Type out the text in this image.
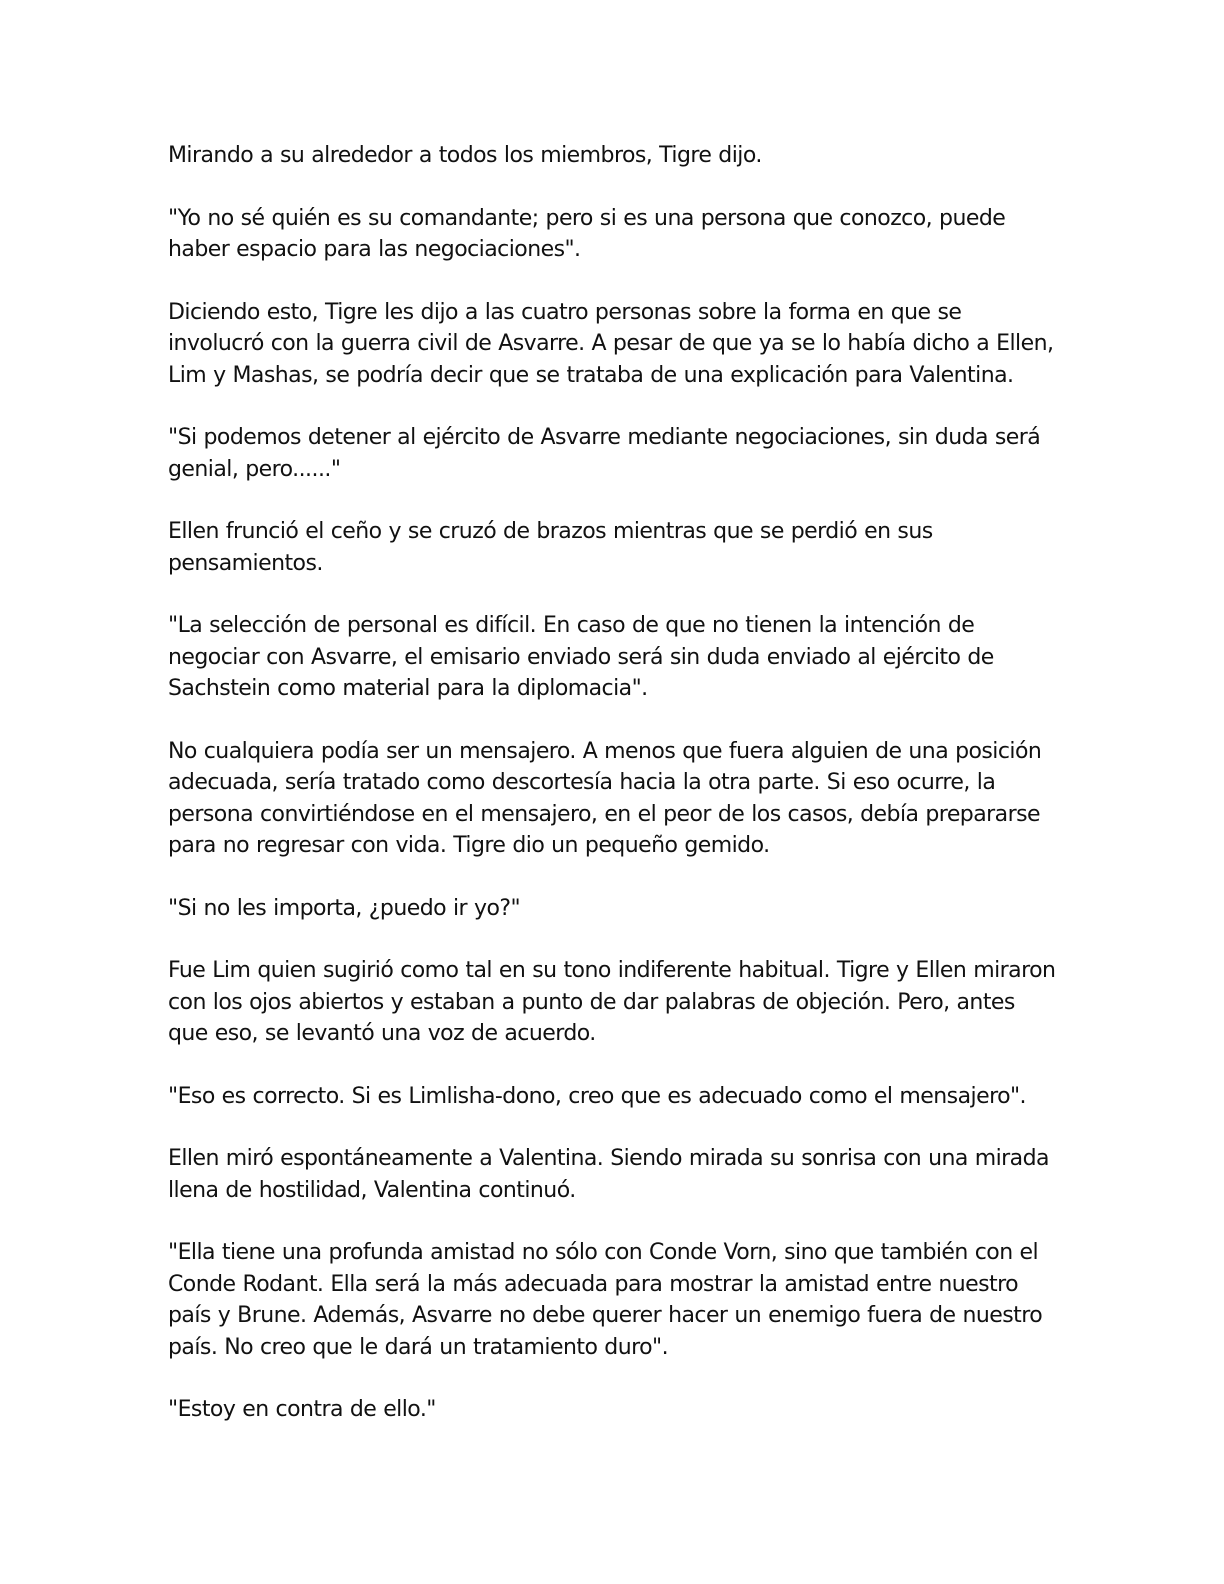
Mirando a su alrededor a todos los miembros, Tigre dijo.

"Yo no sé quién es su comandante; pero si es una persona que conozco, puede haber espacio para las negociaciones".

Diciendo esto, Tigre les dijo a las cuatro personas sobre la forma en que se involucró con la guerra civil de Asvarre. A pesar de que ya se lo había dicho a Ellen, Lim y Mashas, se podría decir que se trataba de una explicación para Valentina.

"Si podemos detener al ejército de Asvarre mediante negociaciones, sin duda será genial, pero......"

Ellen frunció el ceño y se cruzó de brazos mientras que se perdió en sus pensamientos.

"La selección de personal es difícil. En caso de que no tienen la intención de negociar con Asvarre, el emisario enviado será sin duda enviado al ejército de Sachstein como material para la diplomacia".

No cualquiera podía ser un mensajero. A menos que fuera alguien de una posición adecuada, sería tratado como descortesía hacia la otra parte. Si eso ocurre, la persona convirtiéndose en el mensajero, en el peor de los casos, debía prepararse para no regresar con vida. Tigre dio un pequeño gemido.

"Si no les importa, ¿puedo ir yo?"

Fue Lim quien sugirió como tal en su tono indiferente habitual. Tigre y Ellen miraron con los ojos abiertos y estaban a punto de dar palabras de objeción. Pero, antes que eso, se levantó una voz de acuerdo.

"Eso es correcto. Si es Limlisha-dono, creo que es adecuado como el mensajero".

Ellen miró espontáneamente a Valentina. Siendo mirada su sonrisa con una mirada llena de hostilidad, Valentina continuó.

"Ella tiene una profunda amistad no sólo con Conde Vorn, sino que también con el Conde Rodant. Ella será la más adecuada para mostrar la amistad entre nuestro país y Brune. Además, Asvarre no debe querer hacer un enemigo fuera de nuestro país. No creo que le dará un tratamiento duro".

"Estoy en contra de ello."
